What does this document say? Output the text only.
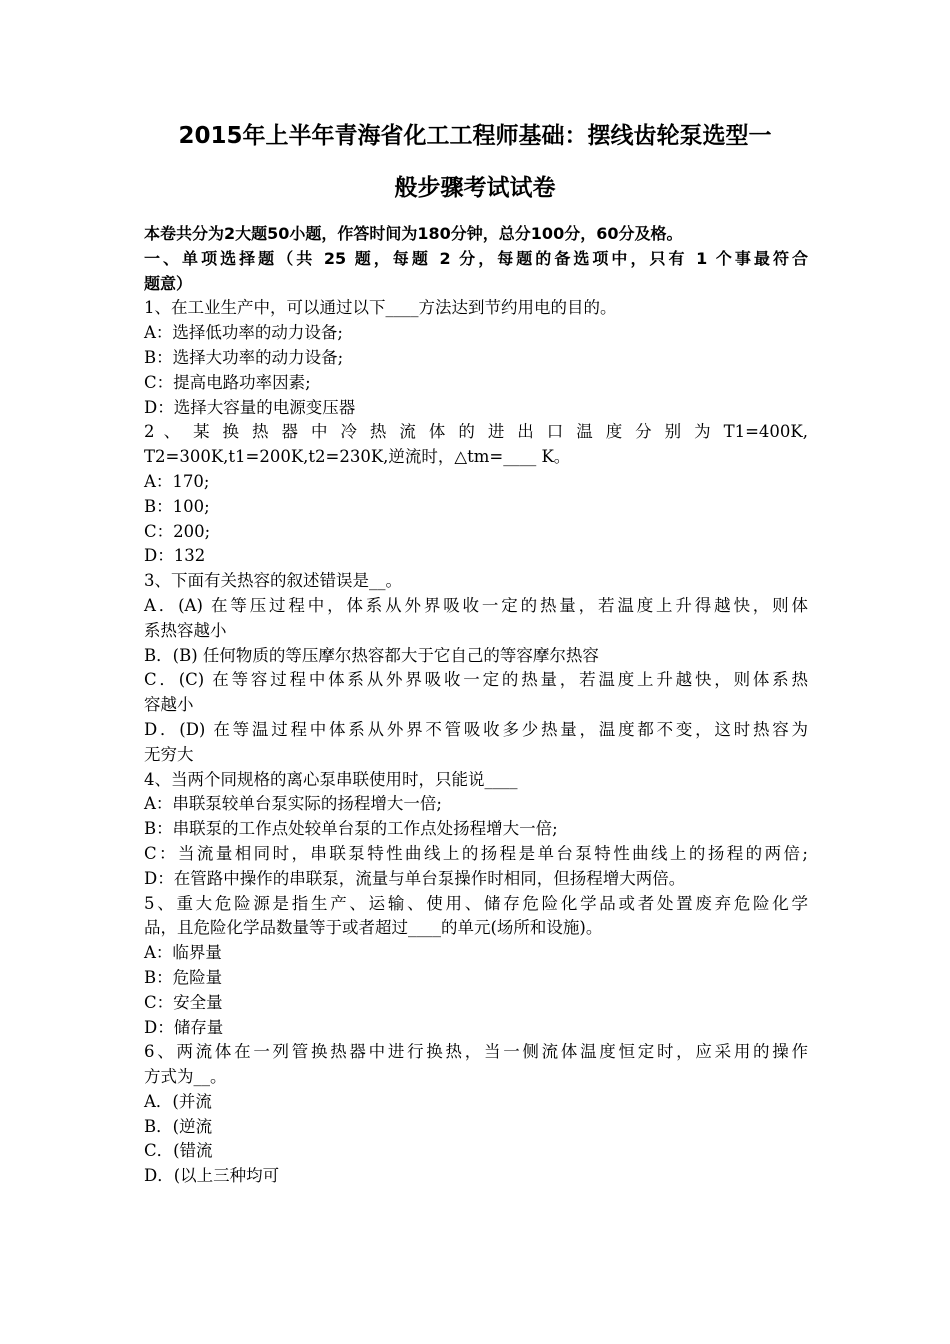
2015年上半年青海省化工工程师基础：摆线齿轮泵选型一
般步骤考试试卷
本卷共分为2大题50小题，作答时间为180分钟，总分100分，60分及格。
一、单项选择题（共 25 题，每题 2 分，每题的备选项中，只有 1 个事最符合
题意）
1、在工业生产中，可以通过以下____方法达到节约用电的目的。
A：选择低功率的动力设备;
B：选择大功率的动力设备;
C：提高电路功率因素;
D：选择大容量的电源变压器
2 、 某 换 热 器 中 冷 热 流 体 的 进 出 口 温 度 分 别 为 T1=400K,
T2=300K,t1=200K,t2=230K,逆流时，△tm=____ K。
A：170;
B：100;
C：200;
D：132
3、下面有关热容的叙述错误是__。
A．(A) 在等压过程中，体系从外界吸收一定的热量，若温度上升得越快，则体
系热容越小
B．(B) 任何物质的等压摩尔热容都大于它自己的等容摩尔热容
C．(C) 在等容过程中体系从外界吸收一定的热量，若温度上升越快，则体系热
容越小
D．(D) 在等温过程中体系从外界不管吸收多少热量，温度都不变，这时热容为
无穷大
4、当两个同规格的离心泵串联使用时，只能说____
A：串联泵较单台泵实际的扬程增大一倍;
B：串联泵的工作点处较单台泵的工作点处扬程增大一倍;
C：当流量相同时，串联泵特性曲线上的扬程是单台泵特性曲线上的扬程的两倍;
D：在管路中操作的串联泵，流量与单台泵操作时相同，但扬程增大两倍。
5、重大危险源是指生产、运输、使用、储存危险化学品或者处置废弃危险化学
品，且危险化学品数量等于或者超过____的单元(场所和设施)。
A：临界量
B：危险量
C：安全量
D：储存量
6、两流体在一列管换热器中进行换热，当一侧流体温度恒定时，应采用的操作
方式为__。
A．(并流
B．(逆流
C．(错流
D．(以上三种均可
